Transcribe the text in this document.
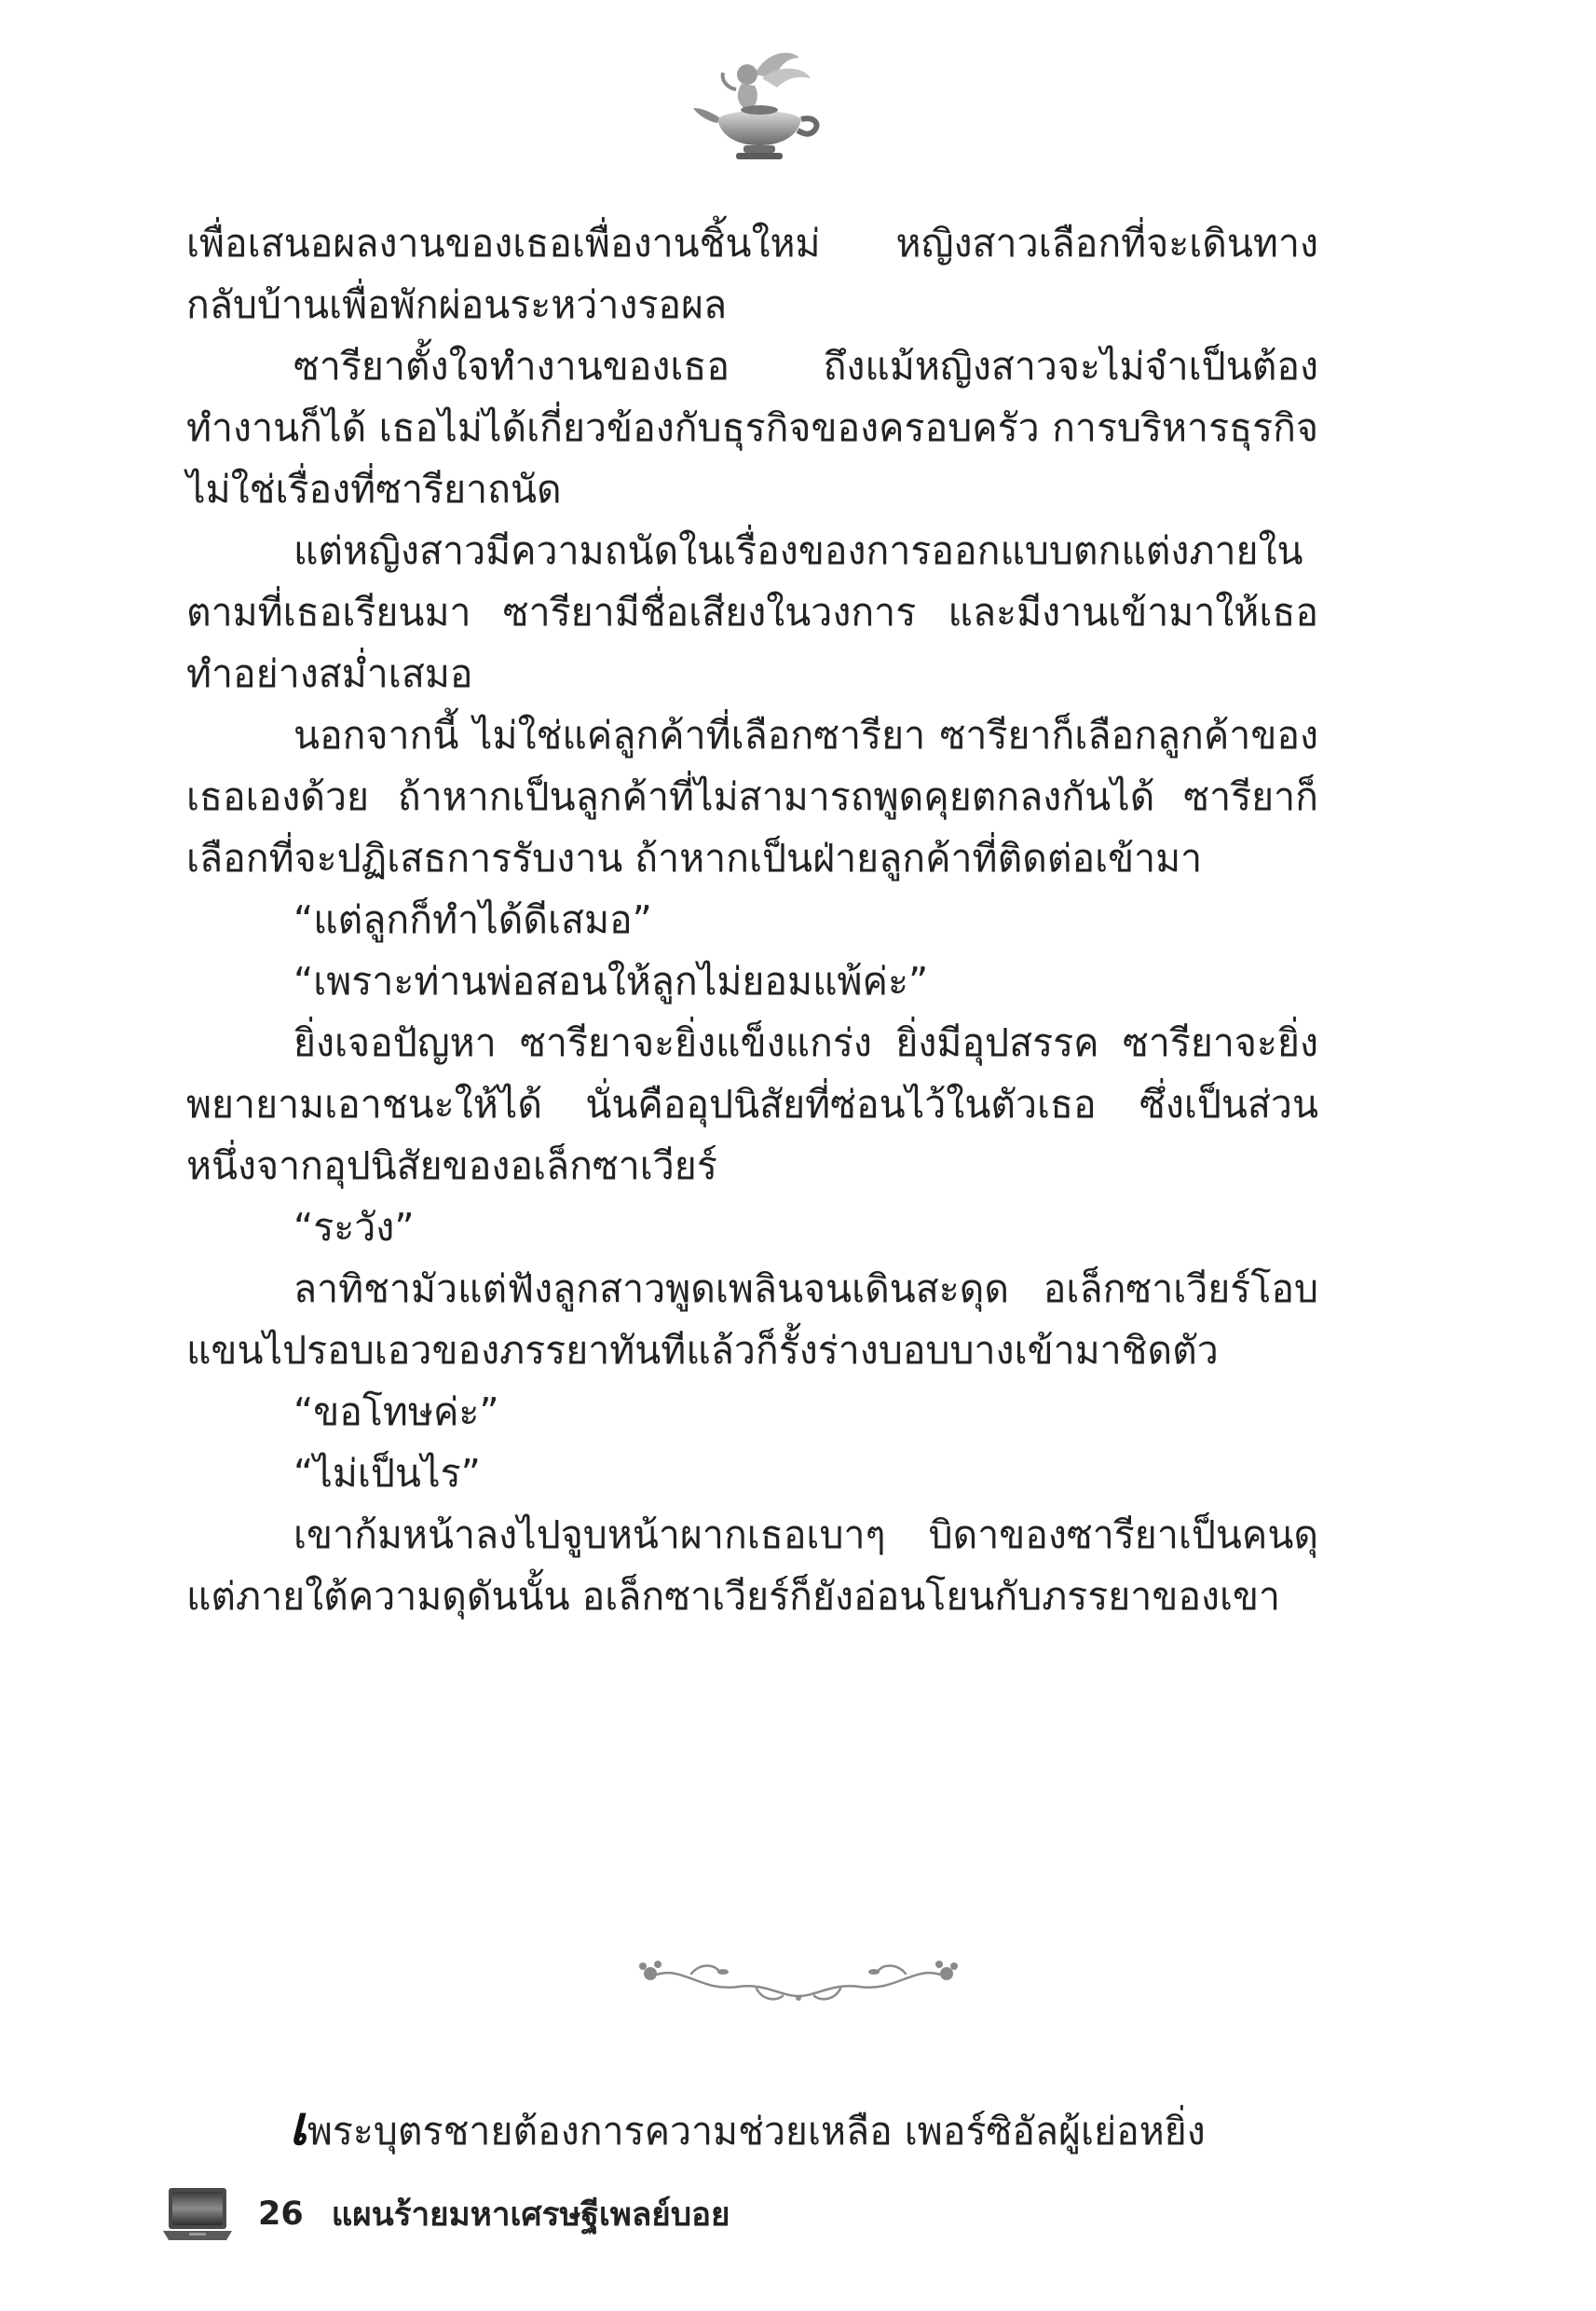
เพื่อเสนอผลงานของเธอเพื่องานชิ้นใหม่ หญิงสาวเลือกที่จะเดินทางกลับบ้านเพื่อพักผ่อนระหว่างรอผล

ซารียาตั้งใจทำงานของเธอ ถึงแม้หญิงสาวจะไม่จำเป็นต้องทำงานก็ได้ เธอไม่ได้เกี่ยวข้องกับธุรกิจของครอบครัว การบริหารธุรกิจไม่ใช่เรื่องที่ซารียาถนัด

แต่หญิงสาวมีความถนัดในเรื่องของการออกแบบตกแต่งภายในตามที่เธอเรียนมา ซารียามีชื่อเสียงในวงการ และมีงานเข้ามาให้เธอทำอย่างสม่ำเสมอ

นอกจากนี้ ไม่ใช่แค่ลูกค้าที่เลือกซารียา ซารียาก็เลือกลูกค้าของเธอเองด้วย ถ้าหากเป็นลูกค้าที่ไม่สามารถพูดคุยตกลงกันได้ ซารียาก็เลือกที่จะปฏิเสธการรับงาน ถ้าหากเป็นฝ่ายลูกค้าที่ติดต่อเข้ามา

“แต่ลูกก็ทำได้ดีเสมอ”

“เพราะท่านพ่อสอนให้ลูกไม่ยอมแพ้ค่ะ”

ยิ่งเจอปัญหา ซารียาจะยิ่งแข็งแกร่ง ยิ่งมีอุปสรรค ซารียาจะยิ่งพยายามเอาชนะให้ได้ นั่นคืออุปนิสัยที่ซ่อนไว้ในตัวเธอ ซึ่งเป็นส่วนหนึ่งจากอุปนิสัยของอเล็กซาเวียร์

“ระวัง”

ลาทิชามัวแต่ฟังลูกสาวพูดเพลินจนเดินสะดุด อเล็กซาเวียร์โอบแขนไปรอบเอวของภรรยาทันทีแล้วก็รั้งร่างบอบบางเข้ามาชิดตัว

“ขอโทษค่ะ”

“ไม่เป็นไร”

เขาก้มหน้าลงไปจูบหน้าผากเธอเบาๆ บิดาของซารียาเป็นคนดุแต่ภายใต้ความดุดันนั้น อเล็กซาเวียร์ก็ยังอ่อนโยนกับภรรยาของเขา

เพระบุตรชายต้องการความช่วยเหลือ เพอร์ซิอัลผู้เย่อหยิ่ง
26 แผนร้ายมหาเศรษฐีเพลย์บอย
